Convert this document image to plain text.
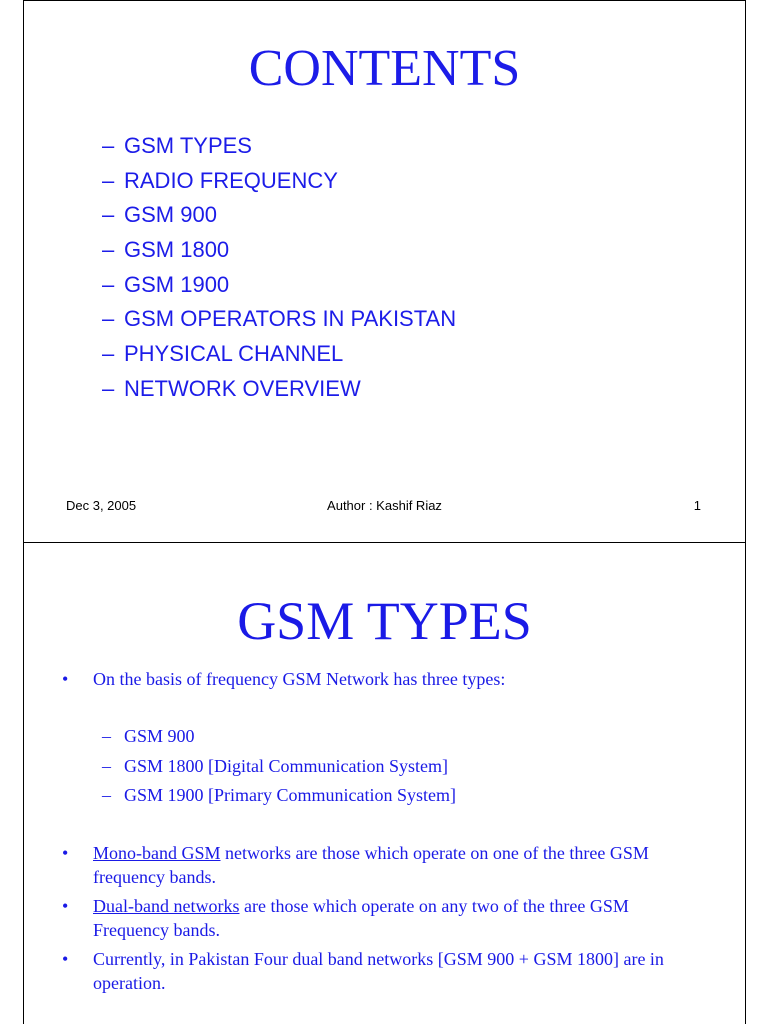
CONTENTS
– GSM TYPES
– RADIO FREQUENCY
– GSM 900
– GSM 1800
– GSM 1900
– GSM OPERATORS IN PAKISTAN
– PHYSICAL CHANNEL
– NETWORK OVERVIEW
Dec 3, 2005	Author : Kashif Riaz	1
GSM TYPES
•	On the basis of frequency GSM Network has three types:
– GSM 900
– GSM 1800 [Digital Communication System]
– GSM 1900 [Primary Communication System]
•	Mono-band GSM networks are those which operate on one of the three GSM frequency bands.
•	Dual-band networks are those which operate on any two of the three GSM Frequency bands.
•	Currently, in Pakistan Four dual band networks [GSM 900 + GSM 1800] are in operation.
